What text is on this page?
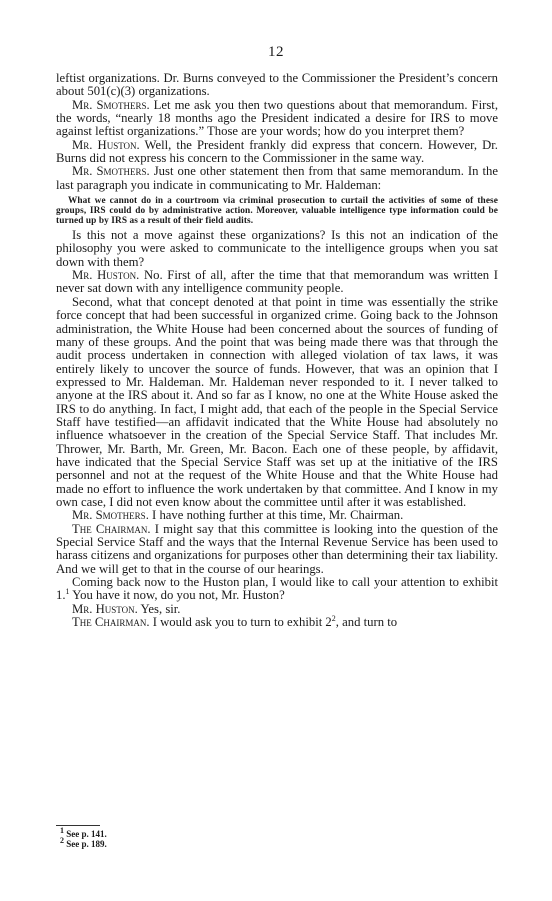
12

leftist organizations. Dr. Burns conveyed to the Commissioner the President’s concern about 501(c)(3) organizations.

Mr. Smothers. Let me ask you then two questions about that memorandum. First, the words, “nearly 18 months ago the President indicated a desire for IRS to move against leftist organizations.” Those are your words; how do you interpret them?

Mr. Huston. Well, the President frankly did express that concern. However, Dr. Burns did not express his concern to the Commissioner in the same way.

Mr. Smothers. Just one other statement then from that same memorandum. In the last paragraph you indicate in communicating to Mr. Haldeman:

What we cannot do in a courtroom via criminal prosecution to curtail the activities of some of these groups, IRS could do by administrative action. Moreover, valuable intelligence type information could be turned up by IRS as a result of their field audits.

Is this not a move against these organizations? Is this not an indication of the philosophy you were asked to communicate to the intelligence groups when you sat down with them?

Mr. Huston. No. First of all, after the time that that memorandum was written I never sat down with any intelligence community people.

Second, what that concept denoted at that point in time was essentially the strike force concept that had been successful in organized crime. Going back to the Johnson administration, the White House had been concerned about the sources of funding of many of these groups. And the point that was being made there was that through the audit process undertaken in connection with alleged violation of tax laws, it was entirely likely to uncover the source of funds. However, that was an opinion that I expressed to Mr. Haldeman. Mr. Haldeman never responded to it. I never talked to anyone at the IRS about it. And so far as I know, no one at the White House asked the IRS to do anything. In fact, I might add, that each of the people in the Special Service Staff have testified—an affidavit indicated that the White House had absolutely no influence whatsoever in the creation of the Special Service Staff. That includes Mr. Thrower, Mr. Barth, Mr. Green, Mr. Bacon. Each one of these people, by affidavit, have indicated that the Special Service Staff was set up at the initiative of the IRS personnel and not at the request of the White House and that the White House had made no effort to influence the work undertaken by that committee. And I know in my own case, I did not even know about the committee until after it was established.

Mr. Smothers. I have nothing further at this time, Mr. Chairman.

The Chairman. I might say that this committee is looking into the question of the Special Service Staff and the ways that the Internal Revenue Service has been used to harass citizens and organizations for purposes other than determining their tax liability. And we will get to that in the course of our hearings.

Coming back now to the Huston plan, I would like to call your attention to exhibit 1.$^1$ You have it now, do you not, Mr. Huston?

Mr. Huston. Yes, sir.

The Chairman. I would ask you to turn to exhibit $2^2$, and turn to

$^1$ See p. 141.

$^2$ See p. 189.
